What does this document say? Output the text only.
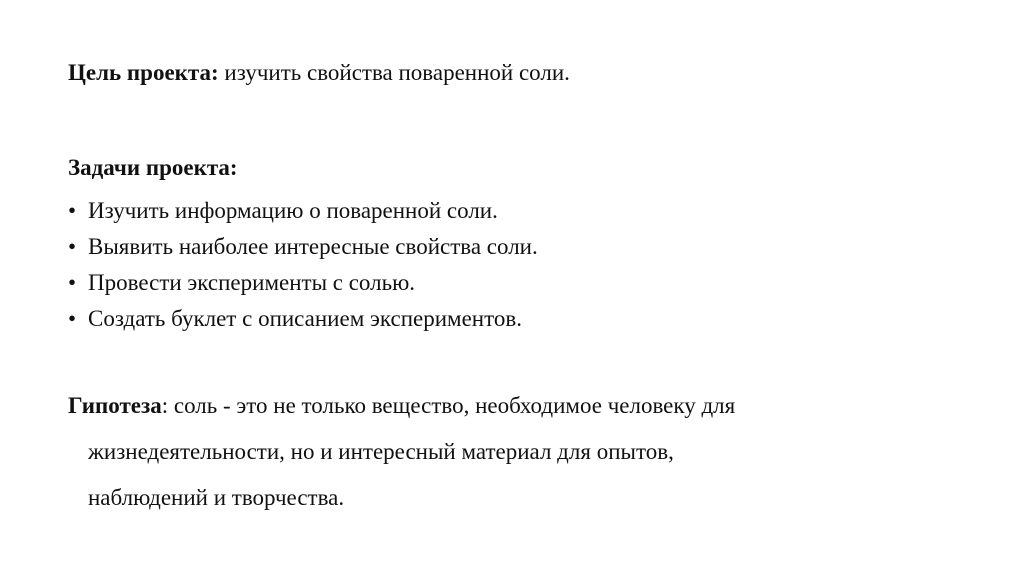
Цель проекта: изучить свойства поваренной соли.
Задачи проекта:
• Изучить информацию о поваренной соли.
• Выявить наиболее интересные свойства соли.
• Провести эксперименты с солью.
• Создать буклет с описанием экспериментов.
Гипотеза: соль - это не только вещество, необходимое человеку для
жизнедеятельности, но и интересный материал для опытов,
наблюдений и творчества.
